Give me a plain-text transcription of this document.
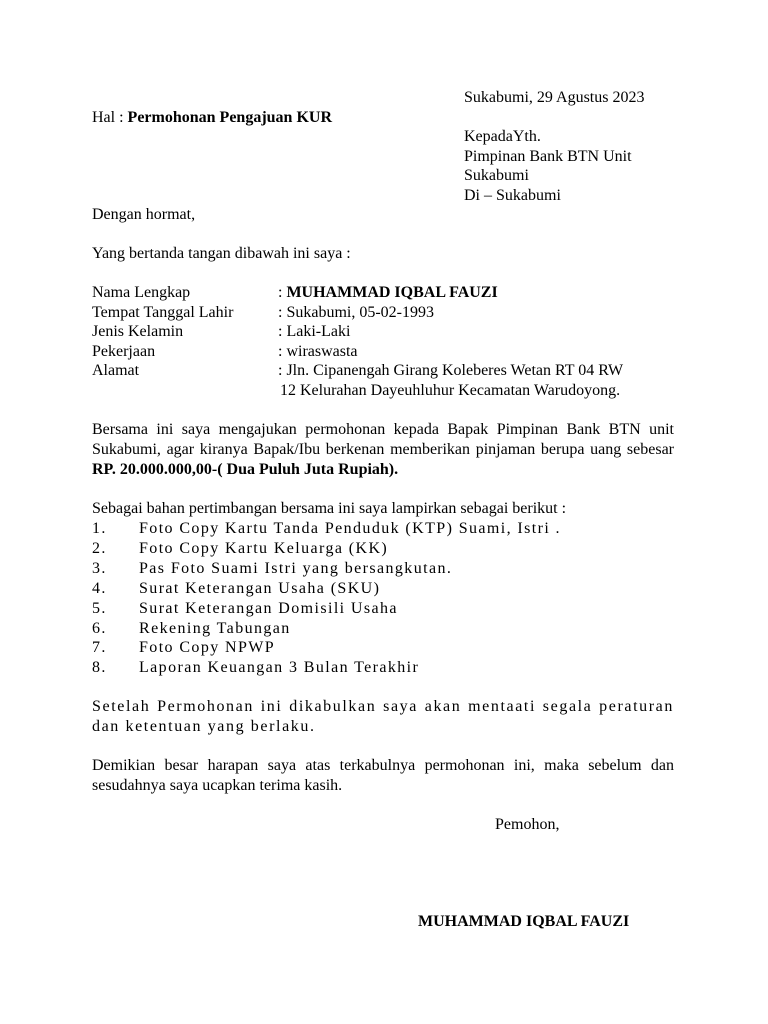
Sukabumi, 29 Agustus 2023
Hal : Permohonan Pengajuan KUR
KepadaYth.
Pimpinan Bank BTN Unit
Sukabumi
Di – Sukabumi
Dengan hormat,
Yang bertanda tangan dibawah ini saya :
Nama Lengkap	: MUHAMMAD IQBAL FAUZI
Tempat Tanggal Lahir	: Sukabumi, 05-02-1993
Jenis Kelamin	: Laki-Laki
Pekerjaan	: wiraswasta
Alamat	: Jln. Cipanengah Girang Koleberes Wetan RT 04 RW
12 Kelurahan Dayeuhluhur Kecamatan Warudoyong.
Bersama ini saya mengajukan permohonan kepada Bapak Pimpinan Bank BTN unit Sukabumi, agar kiranya Bapak/Ibu berkenan memberikan pinjaman berupa uang sebesar RP. 20.000.000,00-( Dua Puluh Juta Rupiah).
Sebagai bahan pertimbangan bersama ini saya lampirkan sebagai berikut :
1. Foto Copy Kartu Tanda Penduduk (KTP) Suami, Istri .
2. Foto Copy Kartu Keluarga (KK)
3. Pas Foto Suami Istri yang bersangkutan.
4. Surat Keterangan Usaha (SKU)
5. Surat Keterangan Domisili Usaha
6. Rekening Tabungan
7. Foto Copy NPWP
8. Laporan Keuangan 3 Bulan Terakhir
Setelah Permohonan ini dikabulkan saya akan mentaati segala peraturan dan ketentuan yang berlaku.
Demikian besar harapan saya atas terkabulnya permohonan ini, maka sebelum dan sesudahnya saya ucapkan terima kasih.
Pemohon,
MUHAMMAD IQBAL FAUZI
